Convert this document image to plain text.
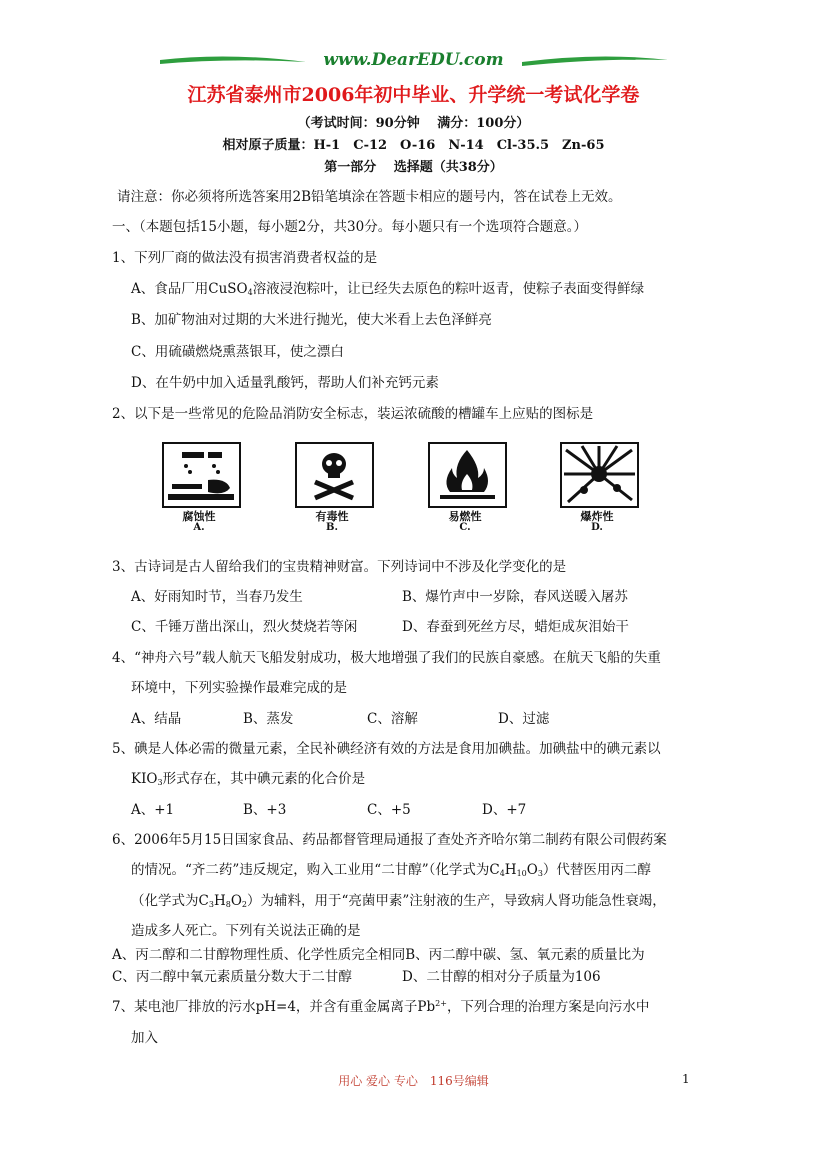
www.DearEDU.com
江苏省泰州市2006年初中毕业、升学统一考试化学卷
（考试时间：90分钟　 满分：100分）
相对原子质量：H-1　C-12　O-16　N-14　Cl-35.5　Zn-65
第一部分　 选择题（共38分）
请注意：你必须将所选答案用2B铅笔填涂在答题卡相应的题号内，答在试卷上无效。
一、（本题包括15小题，每小题2分，共30分。每小题只有一个选项符合题意。）
1、下列厂商的做法没有损害消费者权益的是
A、食品厂用CuSO$_4$溶液浸泡粽叶，让已经失去原色的粽叶返青，使粽子表面变得鲜绿
B、加矿物油对过期的大米进行抛光，使大米看上去色泽鲜亮
C、用硫磺燃烧熏蒸银耳，使之漂白
D、在牛奶中加入适量乳酸钙，帮助人们补充钙元素
2、以下是一些常见的危险品消防安全标志，装运浓硫酸的槽罐车上应贴的图标是
腐蚀性
A.
有毒性
B.
易燃性
C.
爆炸性
D.
3、古诗词是古人留给我们的宝贵精神财富。下列诗词中不涉及化学变化的是
A、好雨知时节，当春乃发生	B、爆竹声中一岁除，春风送暖入屠苏
C、千锤万凿出深山，烈火焚烧若等闲	D、春蚕到死丝方尽，蜡炬成灰泪始干
4、“神舟六号”载人航天飞船发射成功，极大地增强了我们的民族自豪感。在航天飞船的失重
环境中，下列实验操作最难完成的是
A、结晶	B、蒸发	C、溶解	D、过滤
5、碘是人体必需的微量元素，全民补碘经济有效的方法是食用加碘盐。加碘盐中的碘元素以
$KIO_3$形式存在，其中碘元素的化合价是
A、+1	B、+3	C、+5	D、+7
6、2006年5月15日国家食品、药品都督管理局通报了查处齐齐哈尔第二制药有限公司假药案
的情况。“齐二药”违反规定，购入工业用“二甘醇”（化学式为$C_4H_{10}O_3$）代替医用丙二醇
（化学式为$C_3H_8O_2$）为辅料，用于“亮菌甲素”注射液的生产，导致病人肾功能急性衰竭，
造成多人死亡。下列有关说法正确的是
A、丙二醇和二甘醇物理性质、化学性质完全相同B、丙二醇中碳、氢、氧元素的质量比为
C、丙二醇中氧元素质量分数大于二甘醇	D、二甘醇的相对分子质量为106
7、某电池厂排放的污水pH=4，并含有重金属离子$Pb^{2+}$，下列合理的治理方案是向污水中
加入
用心 爱心 专心　116号编辑	1
